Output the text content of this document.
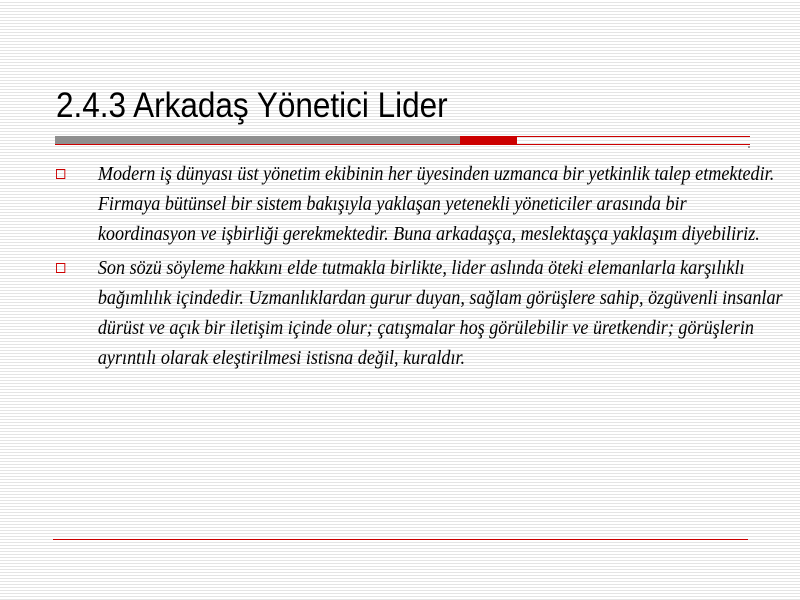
2.4.3 Arkadaş Yönetici Lider
Modern iş dünyası üst yönetim ekibinin her üyesinden uzmanca bir yetkinlik talep etmektedir. Firmaya bütünsel bir sistem bakışıyla yaklaşan yetenekli yöneticiler arasında bir koordinasyon ve işbirliği gerekmektedir. Buna arkadaşça, meslektaşça yaklaşım diyebiliriz.
Son sözü söyleme hakkını elde tutmakla birlikte, lider aslında öteki elemanlarla karşılıklı bağımlılık içindedir. Uzmanlıklardan gurur duyan, sağlam görüşlere sahip, özgüvenli insanlar dürüst ve açık bir iletişim içinde olur; çatışmalar hoş görülebilir ve üretkendir; görüşlerin ayrıntılı olarak eleştirilmesi istisna değil, kuraldır.
